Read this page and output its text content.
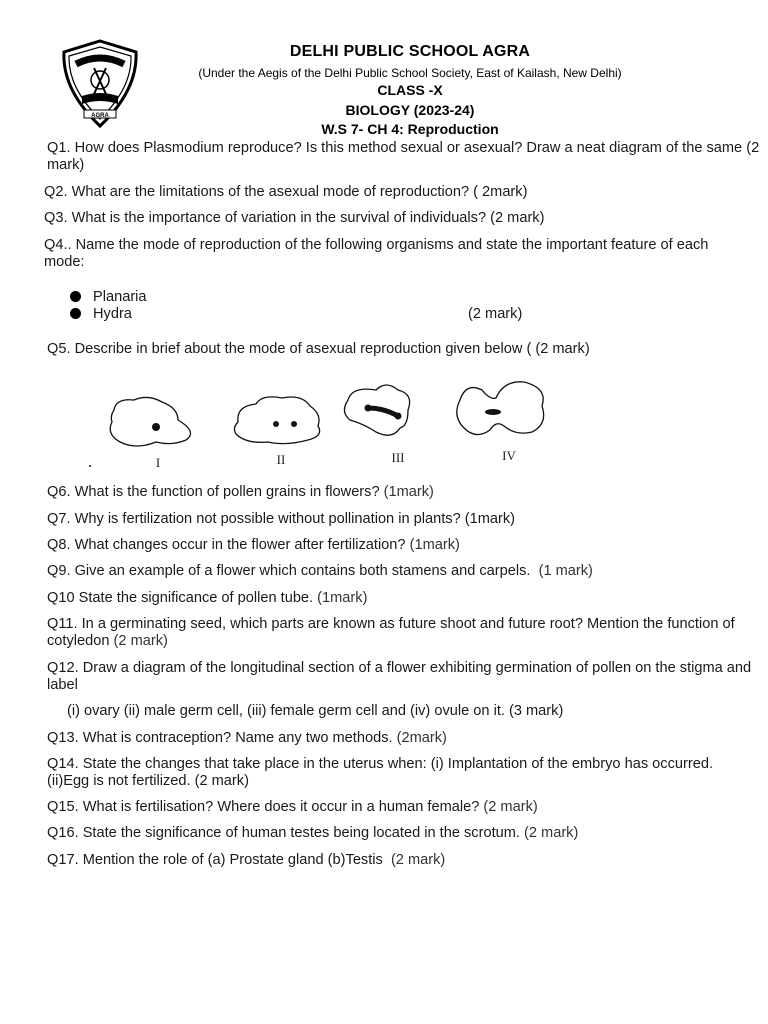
AGRA
DELHI PUBLIC SCHOOL AGRA
(Under the Aegis of the Delhi Public School Society, East of Kailash, New Delhi)
CLASS -X
BIOLOGY (2023-24)
W.S 7- CH 4: Reproduction
Q1. How does Plasmodium reproduce? Is this method sexual or asexual? Draw a neat diagram of the same (2 mark)
Q2. What are the limitations of the asexual mode of reproduction? ( 2mark)
Q3. What is the importance of variation in the survival of individuals? (2 mark)
Q4.. Name the mode of reproduction of the following organisms and state the important feature of each mode:
Planaria
Hydra	(2 mark)
Q5. Describe in brief about the mode of asexual reproduction given below ( (2 mark)
I	II	III	IV
Q6. What is the function of pollen grains in flowers? (1mark)
Q7. Why is fertilization not possible without pollination in plants? (1mark)
Q8. What changes occur in the flower after fertilization? (1mark)
Q9. Give an example of a flower which contains both stamens and carpels. (1 mark)
Q10 State the significance of pollen tube. (1mark)
Q11. In a germinating seed, which parts are known as future shoot and future root? Mention the function of cotyledon (2 mark)
Q12. Draw a diagram of the longitudinal section of a flower exhibiting germination of pollen on the stigma and label
(i) ovary (ii) male germ cell, (iii) female germ cell and (iv) ovule on it. (3 mark)
Q13. What is contraception? Name any two methods. (2mark)
Q14. State the changes that take place in the uterus when: (i) Implantation of the embryo has occurred. (ii)Egg is not fertilized. (2 mark)
Q15. What is fertilisation? Where does it occur in a human female? (2 mark)
Q16. State the significance of human testes being located in the scrotum. (2 mark)
Q17. Mention the role of (a) Prostate gland (b)Testis (2 mark)
